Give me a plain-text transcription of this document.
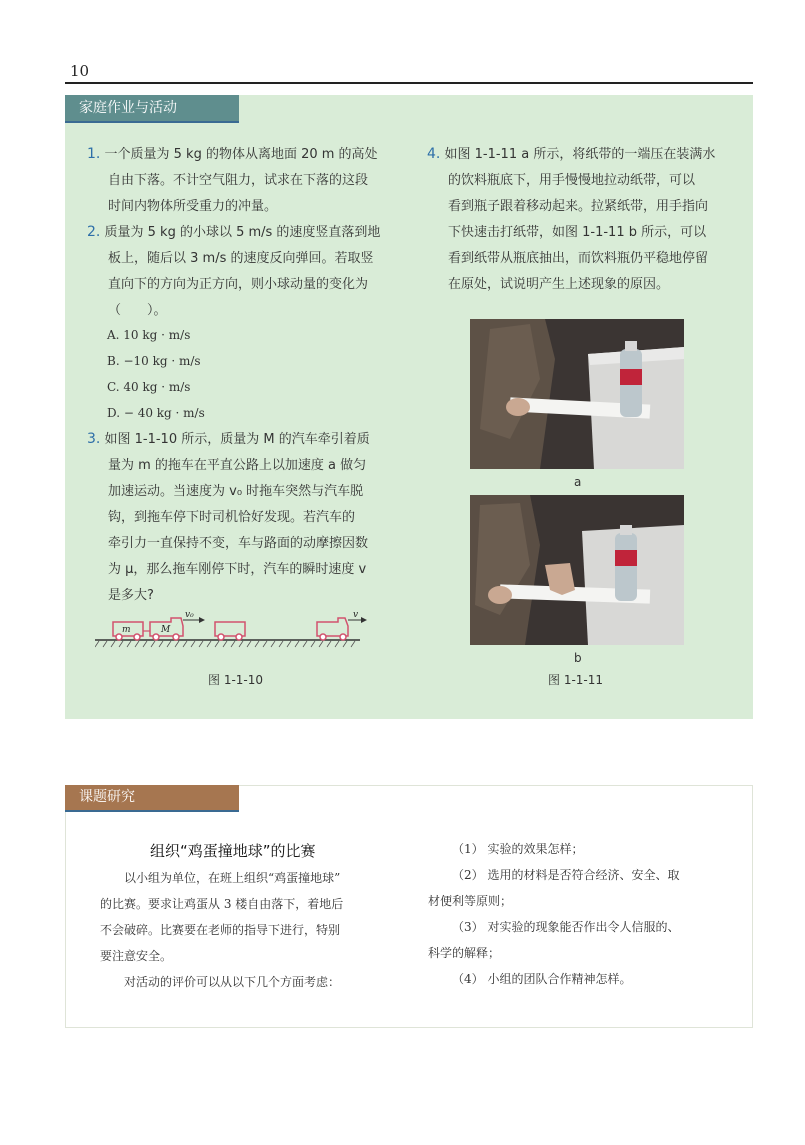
10
家庭作业与活动
1. 一个质量为 5 kg 的物体从离地面 20 m 的高处
自由下落。不计空气阻力，试求在下落的这段
时间内物体所受重力的冲量。
2. 质量为 5 kg 的小球以 5 m/s 的速度竖直落到地
板上，随后以 3 m/s 的速度反向弹回。若取竖
直向下的方向为正方向，则小球动量的变化为
（　　）。
A. 10 kg · m/s
B. −10 kg · m/s
C. 40 kg · m/s
D. − 40 kg · m/s
3. 如图 1-1-10 所示，质量为 M 的汽车牵引着质
量为 m 的拖车在平直公路上以加速度 a 做匀
加速运动。当速度为 v₀ 时拖车突然与汽车脱
钩，到拖车停下时司机恰好发现。若汽车的
牵引力一直保持不变，车与路面的动摩擦因数
为 μ，那么拖车刚停下时，汽车的瞬时速度 v
是多大?
m	M
v₀	v
图 1-1-10
4. 如图 1-1-11 a 所示，将纸带的一端压在装满水
的饮料瓶底下，用手慢慢地拉动纸带，可以
看到瓶子跟着移动起来。拉紧纸带，用手指向
下快速击打纸带，如图 1-1-11 b 所示，可以
看到纸带从瓶底抽出，而饮料瓶仍平稳地停留
在原处，试说明产生上述现象的原因。
a
b
图 1-1-11
课题研究
组织“鸡蛋撞地球”的比赛
以小组为单位，在班上组织“鸡蛋撞地球”
的比赛。要求让鸡蛋从 3 楼自由落下，着地后
不会破碎。比赛要在老师的指导下进行，特别
要注意安全。
对活动的评价可以从以下几个方面考虑：
（1） 实验的效果怎样；
（2） 选用的材料是否符合经济、安全、取
材便利等原则；
（3） 对实验的现象能否作出令人信服的、
科学的解释；
（4） 小组的团队合作精神怎样。
